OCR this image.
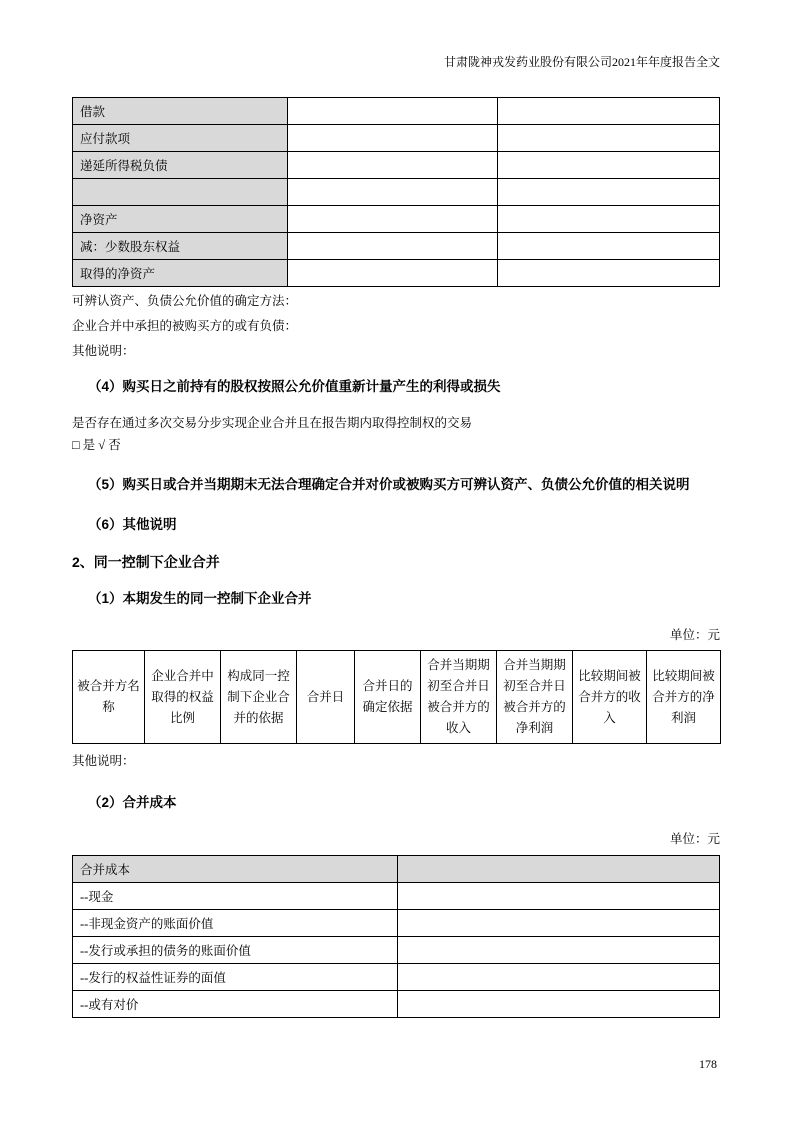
甘肃陇神戎发药业股份有限公司2021年年度报告全文
借款		
应付款项		
递延所得税负债		

净资产		
减：少数股东权益		
取得的净资产		

可辨认资产、负债公允价值的确定方法：

企业合并中承担的被购买方的或有负债：

其他说明：

（4）购买日之前持有的股权按照公允价值重新计量产生的利得或损失

是否存在通过多次交易分步实现企业合并且在报告期内取得控制权的交易

□ 是 √ 否

（5）购买日或合并当期期末无法合理确定合并对价或被购买方可辨认资产、负债公允价值的相关说明
（6）其他说明
2、同一控制下企业合并
（1）本期发生的同一控制下企业合并
单位：元
被合并方名称	企业合并中取得的权益比例	构成同一控制下企业合并的依据	合并日	合并日的确定依据	合并当期期初至合并日被合并方的收入	合并当期期初至合并日被合并方的净利润	比较期间被合并方的收入	比较期间被合并方的净利润

其他说明：

（2）合并成本
单位：元
合并成本	
--现金	
--非现金资产的账面价值	
--发行或承担的债务的账面价值	
--发行的权益性证券的面值	
--或有对价	
178
